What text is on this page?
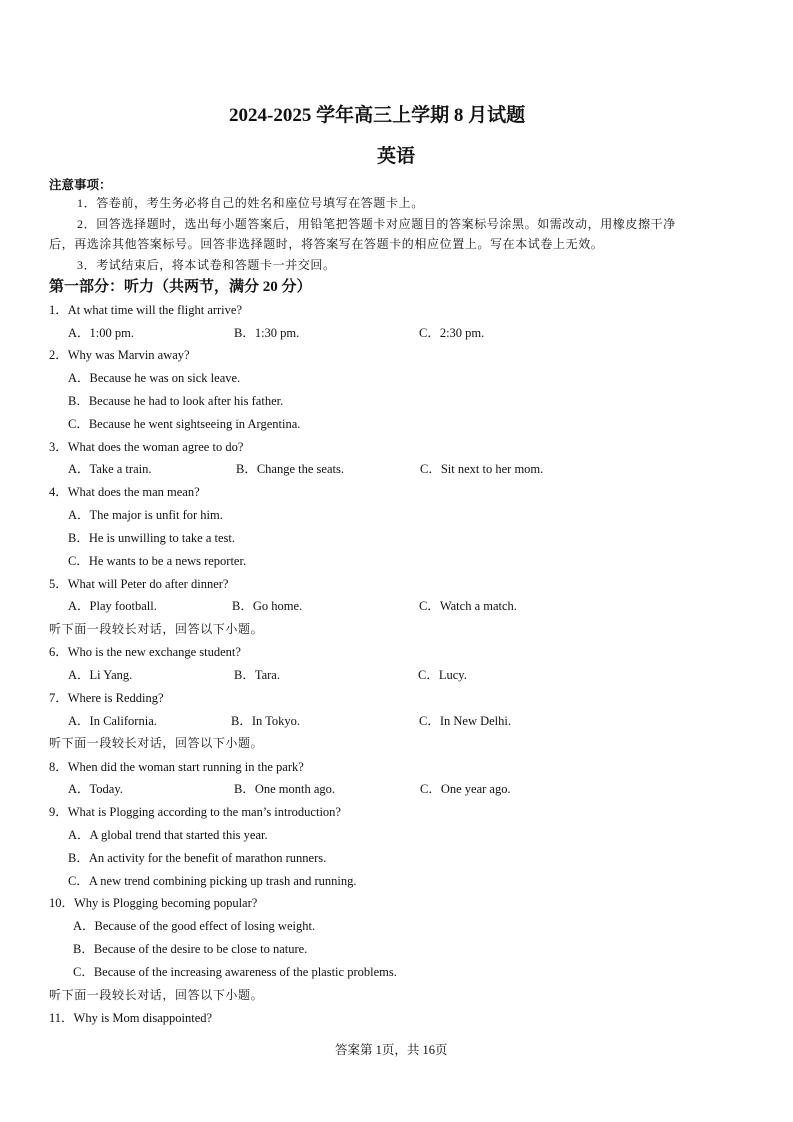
2024-2025 学年高三上学期 8 月试题
英语
注意事项：
1．答卷前，考生务必将自己的姓名和座位号填写在答题卡上。
2．回答选择题时，选出每小题答案后，用铅笔把答题卡对应题目的答案标号涂黑。如需改动，用橡皮擦干净
后，再选涂其他答案标号。回答非选择题时，将答案写在答题卡的相应位置上。写在本试卷上无效。
3．考试结束后，将本试卷和答题卡一并交回。
第一部分：听力（共两节，满分 20 分）
1．At what time will the flight arrive?
A．1:00 pm.	B．1:30 pm.	C．2:30 pm.
2．Why was Marvin away?
A．Because he was on sick leave.
B．Because he had to look after his father.
C．Because he went sightseeing in Argentina.
3．What does the woman agree to do?
A．Take a train.	B．Change the seats.	C．Sit next to her mom.
4．What does the man mean?
A．The major is unfit for him.
B．He is unwilling to take a test.
C．He wants to be a news reporter.
5．What will Peter do after dinner?
A．Play football.	B．Go home.	C．Watch a match.
听下面一段较长对话，回答以下小题。
6．Who is the new exchange student?
A．Li Yang.	B．Tara.	C．Lucy.
7．Where is Redding?
A．In California.	B．In Tokyo.	C．In New Delhi.
听下面一段较长对话，回答以下小题。
8．When did the woman start running in the park?
A．Today.	B．One month ago.	C．One year ago.
9．What is Plogging according to the man’s introduction?
A．A global trend that started this year.
B．An activity for the benefit of marathon runners.
C．A new trend combining picking up trash and running.
10．Why is Plogging becoming popular?
A．Because of the good effect of losing weight.
B．Because of the desire to be close to nature.
C．Because of the increasing awareness of the plastic problems.
听下面一段较长对话，回答以下小题。
11．Why is Mom disappointed?
答案第 1页，共 16页
